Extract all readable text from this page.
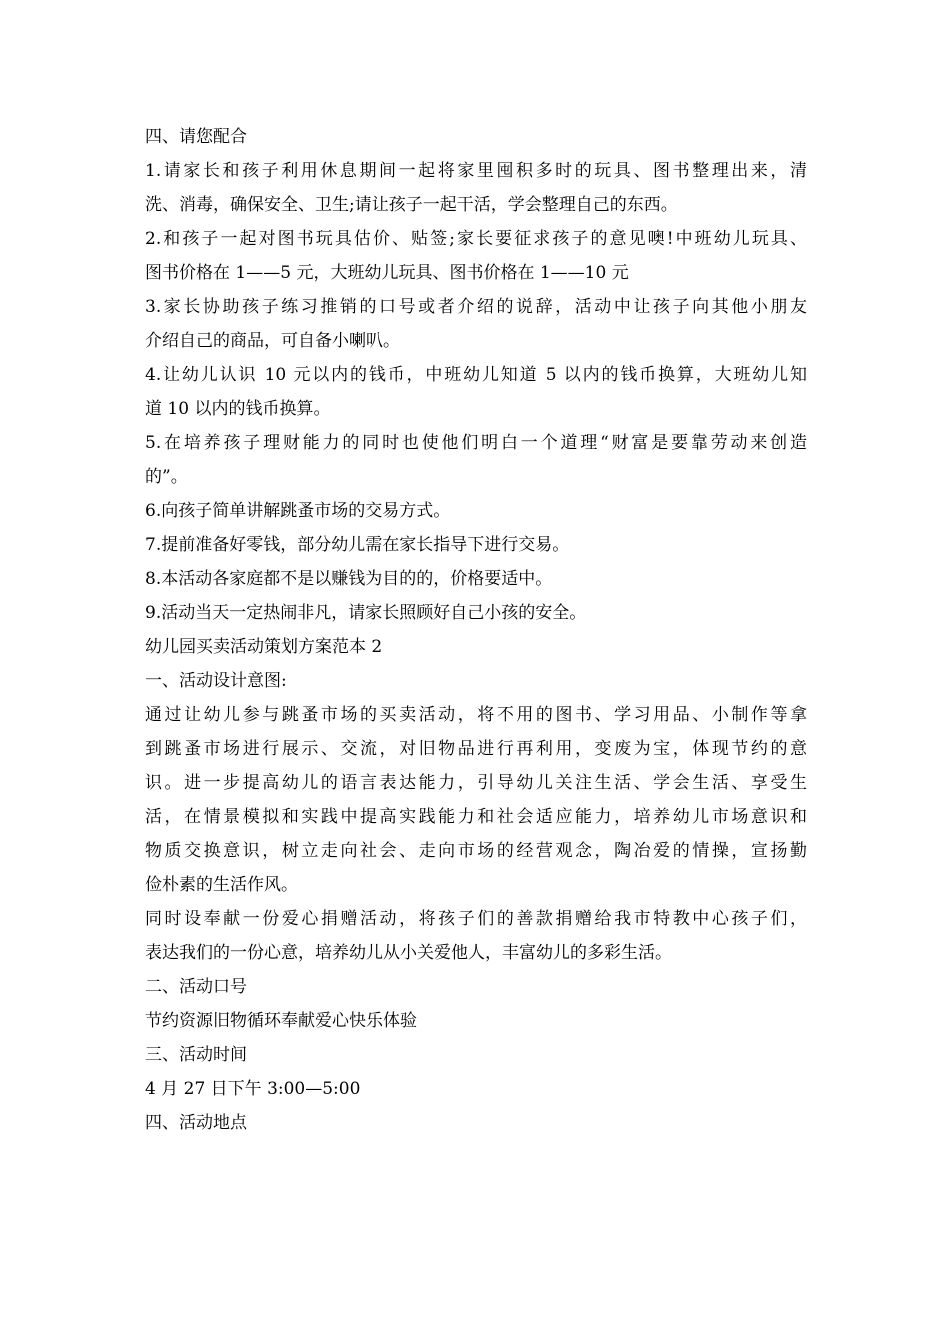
四、请您配合
1.请家长和孩子利用休息期间一起将家里囤积多时的玩具、图书整理出来，清
洗、消毒，确保安全、卫生;请让孩子一起干活，学会整理自己的东西。
2.和孩子一起对图书玩具估价、贴签;家长要征求孩子的意见噢!中班幼儿玩具、
图书价格在 1——5 元，大班幼儿玩具、图书价格在 1——10 元
3.家长协助孩子练习推销的口号或者介绍的说辞，活动中让孩子向其他小朋友
介绍自己的商品，可自备小喇叭。
4.让幼儿认识 10 元以内的钱币，中班幼儿知道 5 以内的钱币换算，大班幼儿知
道 10 以内的钱币换算。
5.在培养孩子理财能力的同时也使他们明白一个道理“财富是要靠劳动来创造
的”。
6.向孩子简单讲解跳蚤市场的交易方式。
7.提前准备好零钱，部分幼儿需在家长指导下进行交易。
8.本活动各家庭都不是以赚钱为目的的，价格要适中。
9.活动当天一定热闹非凡，请家长照顾好自己小孩的安全。
幼儿园买卖活动策划方案范本 2
一、活动设计意图:
通过让幼儿参与跳蚤市场的买卖活动，将不用的图书、学习用品、小制作等拿
到跳蚤市场进行展示、交流，对旧物品进行再利用，变废为宝，体现节约的意
识。进一步提高幼儿的语言表达能力，引导幼儿关注生活、学会生活、享受生
活，在情景模拟和实践中提高实践能力和社会适应能力，培养幼儿市场意识和
物质交换意识，树立走向社会、走向市场的经营观念，陶冶爱的情操，宣扬勤
俭朴素的生活作风。
同时设奉献一份爱心捐赠活动，将孩子们的善款捐赠给我市特教中心孩子们，
表达我们的一份心意，培养幼儿从小关爱他人，丰富幼儿的多彩生活。
二、活动口号
节约资源旧物循环奉献爱心快乐体验
三、活动时间
4 月 27 日下午 3:00—5:00
四、活动地点
